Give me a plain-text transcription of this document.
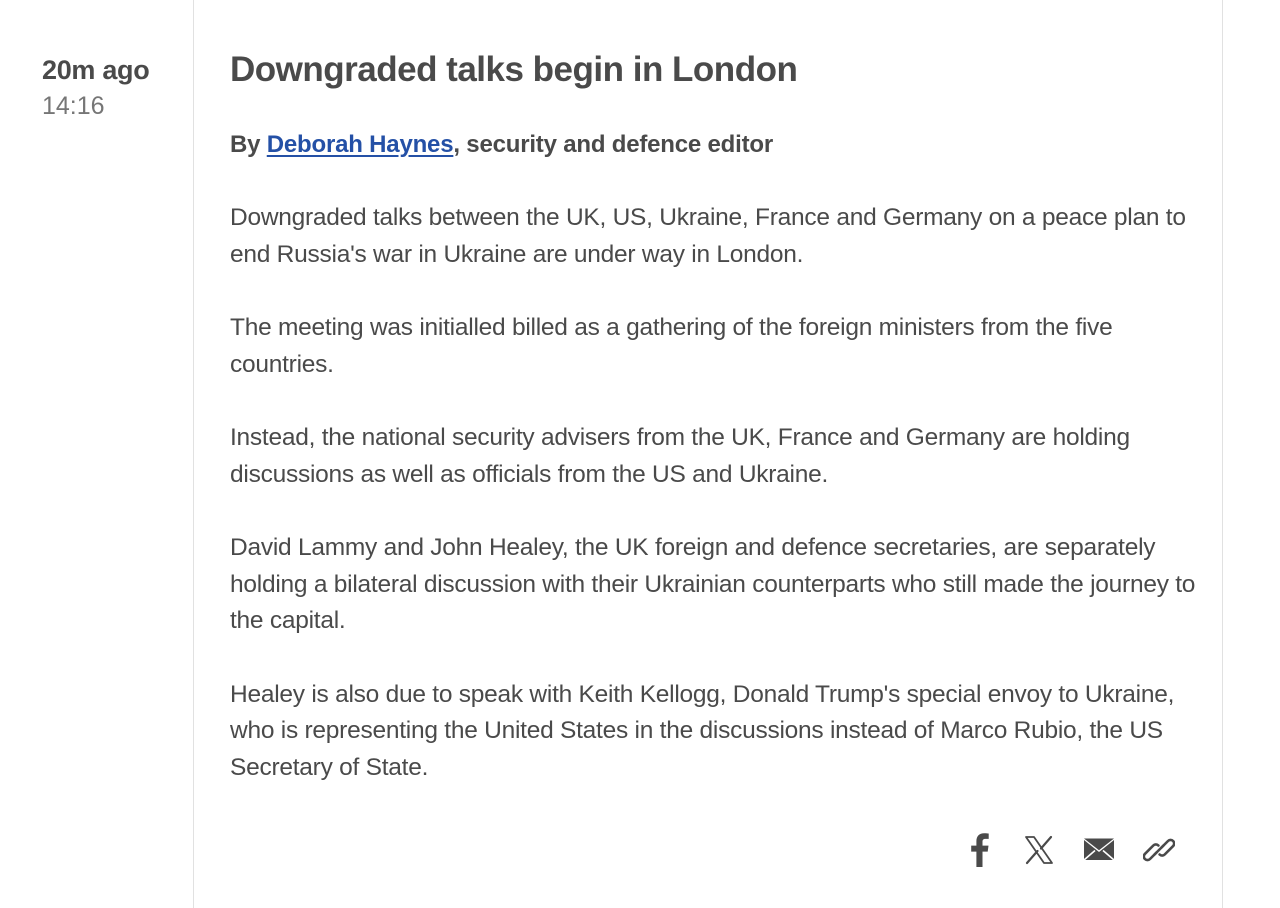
20m ago
14:16
Downgraded talks begin in London

By Deborah Haynes, security and defence editor

Downgraded talks between the UK, US, Ukraine, France and Germany on a peace plan to end Russia's war in Ukraine are under way in London.

The meeting was initialled billed as a gathering of the foreign ministers from the five countries.

Instead, the national security advisers from the UK, France and Germany are holding discussions as well as officials from the US and Ukraine.

David Lammy and John Healey, the UK foreign and defence secretaries, are separately holding a bilateral discussion with their Ukrainian counterparts who still made the journey to the capital.

Healey is also due to speak with Keith Kellogg, Donald Trump's special envoy to Ukraine, who is representing the United States in the discussions instead of Marco Rubio, the US Secretary of State.
